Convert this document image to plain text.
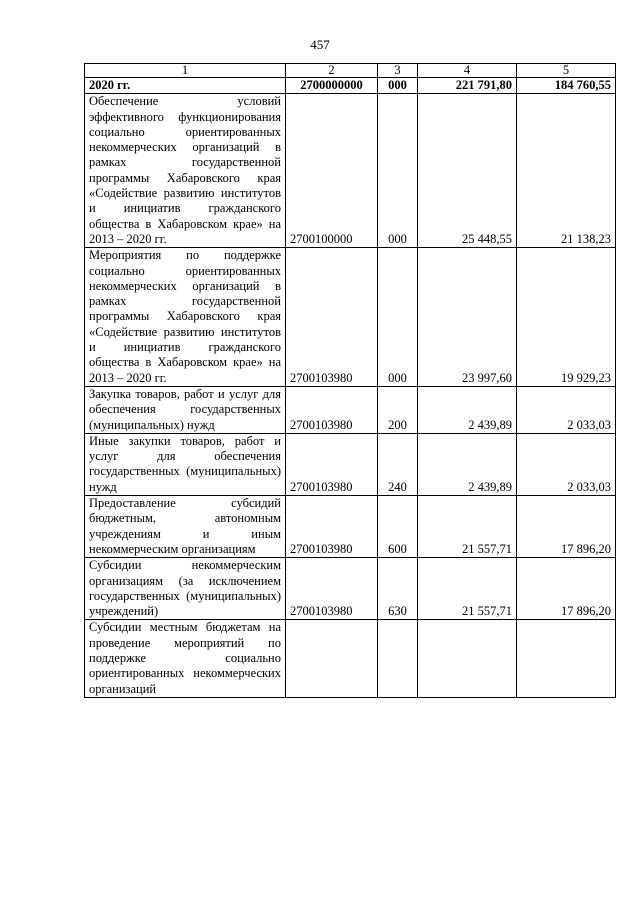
457
1	2	3	4	5
2020 гг.	2700000000	000	221 791,80	184 760,55
Обеспечение условий эффективного функционирования социально ориентированных некоммерческих организаций в рамках государственной программы Хабаровского края «Содействие развитию институтов и инициатив гражданского общества в Хабаровском крае» на 2013 – 2020 гг.	2700100000	000	25 448,55	21 138,23
Мероприятия по поддержке социально ориентированных некоммерческих организаций в рамках государственной программы Хабаровского края «Содействие развитию институтов и инициатив гражданского общества в Хабаровском крае» на 2013 – 2020 гг.	2700103980	000	23 997,60	19 929,23
Закупка товаров, работ и услуг для обеспечения государственных (муниципальных) нужд	2700103980	200	2 439,89	2 033,03
Иные закупки товаров, работ и услуг для обеспечения государственных (муниципальных) нужд	2700103980	240	2 439,89	2 033,03
Предоставление субсидий бюджетным, автономным учреждениям и иным некоммерческим организациям	2700103980	600	21 557,71	17 896,20
Субсидии некоммерческим организациям (за исключением государственных (муниципальных) учреждений)	2700103980	630	21 557,71	17 896,20
Субсидии местным бюджетам на проведение мероприятий по поддержке социально ориентированных некоммерческих организаций				
